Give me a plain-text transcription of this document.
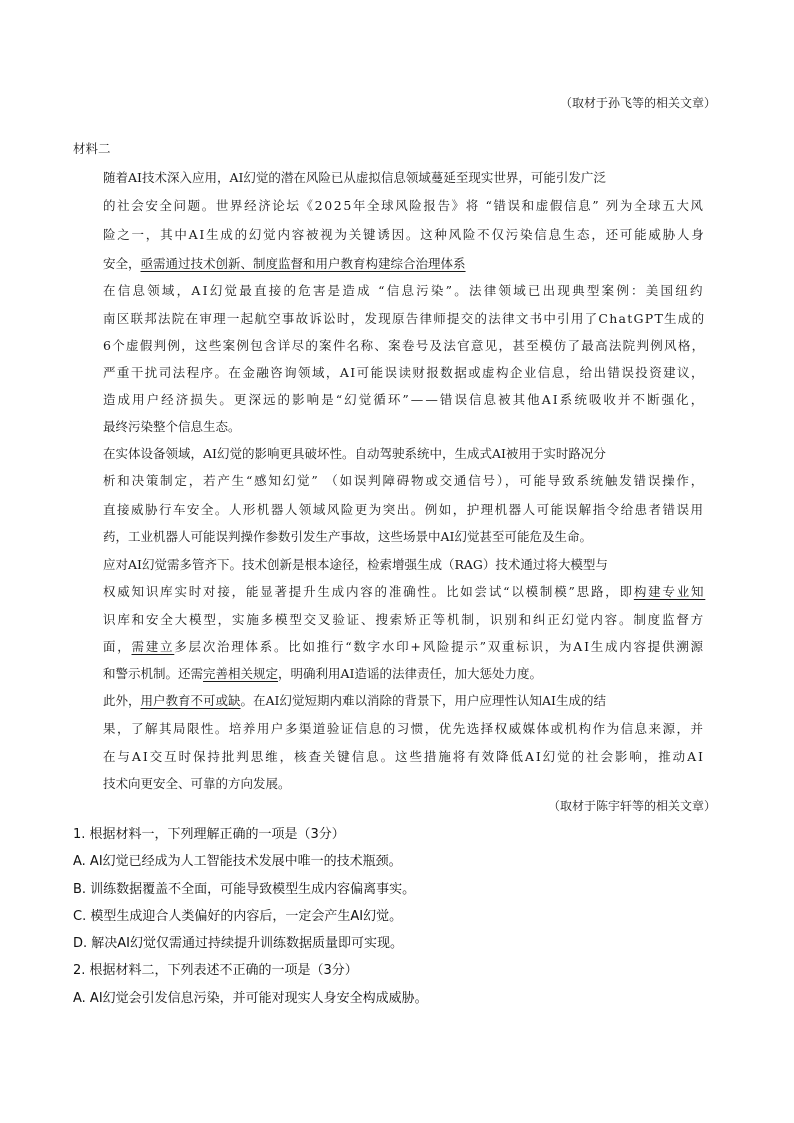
（取材于孙飞等的相关文章）
材料二
随着AI技术深入应用，AI幻觉的潜在风险已从虚拟信息领域蔓延至现实世界，可能引发广泛
的社会安全问题。世界经济论坛《2025年全球风险报告》将 “错误和虚假信息” 列为全球五大风
险之一，其中AI生成的幻觉内容被视为关键诱因。这种风险不仅污染信息生态，还可能威胁人身
安全，亟需通过技术创新、制度监督和用户教育构建综合治理体系
在信息领域，AI幻觉最直接的危害是造成 “信息污染”。法律领域已出现典型案例：美国纽约
南区联邦法院在审理一起航空事故诉讼时，发现原告律师提交的法律文书中引用了ChatGPT生成的
6个虚假判例，这些案例包含详尽的案件名称、案卷号及法官意见，甚至模仿了最高法院判例风格，
严重干扰司法程序。在金融咨询领域，AI可能误读财报数据或虚构企业信息，给出错误投资建议，
造成用户经济损失。更深远的影响是“幻觉循环”——错误信息被其他AI系统吸收并不断强化，
最终污染整个信息生态。
在实体设备领域，AI幻觉的影响更具破坏性。自动驾驶系统中，生成式AI被用于实时路况分
析和决策制定，若产生“感知幻觉” （如误判障碍物或交通信号），可能导致系统触发错误操作，
直接威胁行车安全。人形机器人领域风险更为突出。例如，护理机器人可能误解指令给患者错误用
药，工业机器人可能误判操作参数引发生产事故，这些场景中AI幻觉甚至可能危及生命。
应对AI幻觉需多管齐下。技术创新是根本途径，检索增强生成（RAG）技术通过将大模型与
权威知识库实时对接，能显著提升生成内容的准确性。比如尝试“以模制模”思路，即构建专业知
识库和安全大模型，实施多模型交叉验证、搜索矫正等机制，识别和纠正幻觉内容。制度监督方
面，需建立多层次治理体系。比如推行“数字水印+风险提示”双重标识，为AI生成内容提供溯源
和警示机制。还需完善相关规定，明确利用AI造谣的法律责任，加大惩处力度。
此外，用户教育不可或缺。在AI幻觉短期内难以消除的背景下，用户应理性认知AI生成的结
果，了解其局限性。培养用户多渠道验证信息的习惯，优先选择权威媒体或机构作为信息来源，并
在与AI交互时保持批判思维，核查关键信息。这些措施将有效降低AI幻觉的社会影响，推动AI
技术向更安全、可靠的方向发展。
（取材于陈宇轩等的相关文章）
1. 根据材料一，下列理解正确的一项是（3分）
A. AI幻觉已经成为人工智能技术发展中唯一的技术瓶颈。
B. 训练数据覆盖不全面，可能导致模型生成内容偏离事实。
C. 模型生成迎合人类偏好的内容后，一定会产生AI幻觉。
D. 解决AI幻觉仅需通过持续提升训练数据质量即可实现。
2. 根据材料二，下列表述不正确的一项是（3分）
A. AI幻觉会引发信息污染，并可能对现实人身安全构成威胁。
